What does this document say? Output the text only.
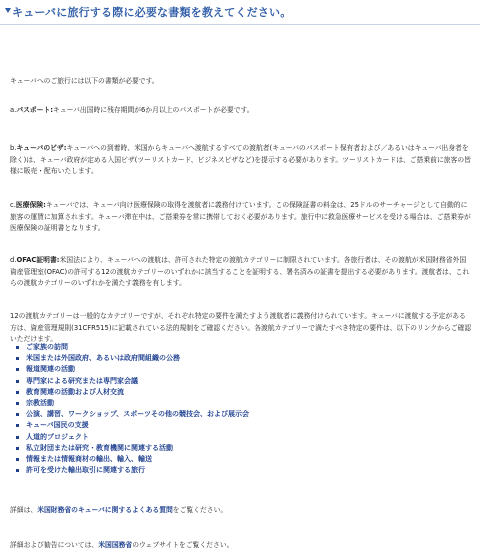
キューバに旅行する際に必要な書類を教えてください。

キューバへのご旅行には以下の書類が必要です。

a.パスポート:キューバ出国時に残存期間が6か月以上のパスポートが必要です。

b.キューバのビザ:キューバへの到着時、米国からキューバへ渡航するすべての渡航者(キューバのパスポート保有者および／あるいはキューバ出身者を除く)は、キューバ政府が定める入国ビザ(ツーリストカード、ビジネスビザなど)を提示する必要があります。ツーリストカードは、ご搭乗前に旅客の皆様に販売・配布いたします。

c.医療保険:キューバでは、キューバ向け医療保険の取得を渡航者に義務付けています。この保険証書の料金は、25ドルのサーチャージとして自動的に旅客の運賃に加算されます。キューバ滞在中は、ご搭乗券を常に携帯しておく必要があります。旅行中に救急医療サービスを受ける場合は、ご搭乗券が医療保険の証明書となります。

d.OFAC証明書:米国法により、キューバへの渡航は、許可された特定の渡航カテゴリーに制限されています。各旅行者は、その渡航が米国財務省外国資産管理室(OFAC)の許可する12の渡航カテゴリーのいずれかに該当することを証明する、署名済みの証書を提出する必要があります。渡航者は、これらの渡航カテゴリーのいずれかを満たす義務を有します。

12の渡航カテゴリーは一般的なカテゴリーですが、それぞれ特定の要件を満たすよう渡航者に義務付けられています。キューバに渡航する予定がある方は、資産管理規則(31CFR515)に記載されている法的規制をご確認ください。各渡航カテゴリーで満たすべき特定の要件は、以下のリンクからご確認いただけます。

ご家族の訪問
米国または外国政府、あるいは政府間組織の公務
報道関連の活動
専門家による研究または専門家会議
教育関連の活動および人材交流
宗教活動
公演、講習、ワークショップ、スポーツその他の競技会、および展示会
キューバ国民の支援
人道的プロジェクト
私立財団または研究・教育機関に関連する活動
情報または情報商材の輸出、輸入、輸送
許可を受けた輸出取引に関連する旅行

詳細は、米国財務省のキューバに関するよくある質問をご覧ください。

詳細および勧告については、米国国務省のウェブサイトをご覧ください。
